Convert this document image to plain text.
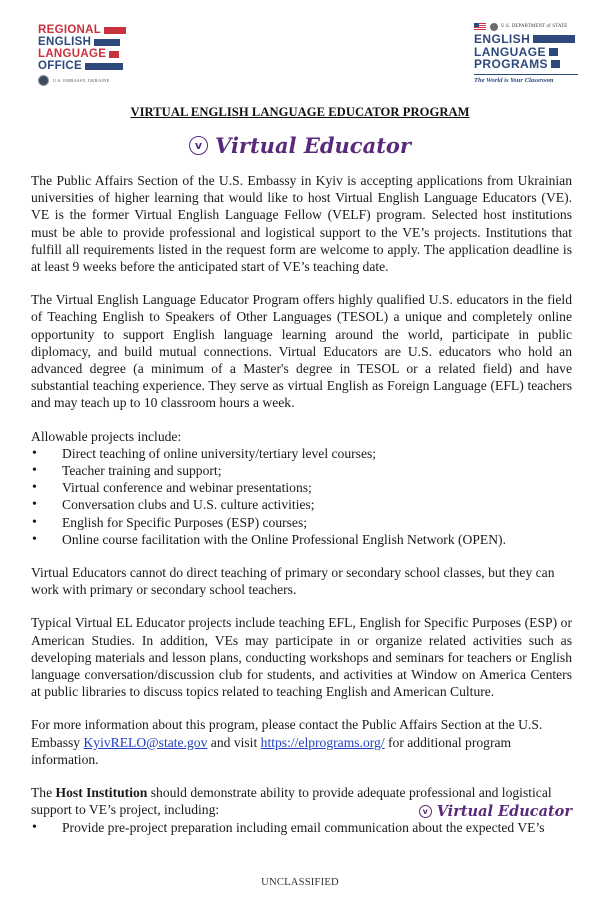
REGIONAL
ENGLISH
LANGUAGE
OFFICE
U.S. EMBASSY, UKRAINE
U.S. DEPARTMENT of STATE
ENGLISH
LANGUAGE
PROGRAMS
The World is Your Classroom
VIRTUAL ENGLISH LANGUAGE EDUCATOR PROGRAM
v Virtual Educator

The Public Affairs Section of the U.S. Embassy in Kyiv is accepting applications from Ukrainian universities of higher learning that would like to host Virtual English Language Educators (VE). VE is the former Virtual English Language Fellow (VELF) program. Selected host institutions must be able to provide professional and logistical support to the VE’s projects. Institutions that fulfill all requirements listed in the request form are welcome to apply. The application deadline is at least 9 weeks before the anticipated start of VE’s teaching date.

The Virtual English Language Educator Program offers highly qualified U.S. educators in the field of Teaching English to Speakers of Other Languages (TESOL) a unique and completely online opportunity to support English language learning around the world, participate in public diplomacy, and build mutual connections. Virtual Educators are U.S. educators who hold an advanced degree (a minimum of a Master's degree in TESOL or a related field) and have substantial teaching experience. They serve as virtual English as Foreign Language (EFL) teachers and may teach up to 10 classroom hours a week.

Allowable projects include:

• Direct teaching of online university/tertiary level courses;
• Teacher training and support;
• Virtual conference and webinar presentations;
• Conversation clubs and U.S. culture activities;
• English for Specific Purposes (ESP) courses;
• Online course facilitation with the Online Professional English Network (OPEN).

Virtual Educators cannot do direct teaching of primary or secondary school classes, but they can work with primary or secondary school teachers.

Typical Virtual EL Educator projects include teaching EFL, English for Specific Purposes (ESP) or American Studies. In addition, VEs may participate in or organize related activities such as developing materials and lesson plans, conducting workshops and seminars for teachers or English language conversation/discussion club for students, and activities at Window on America Centers at public libraries to discuss topics related to teaching English and American Culture.

For more information about this program, please contact the Public Affairs Section at the U.S. Embassy KyivRELO@state.gov and visit https://elprograms.org/ for additional program information.

The Host Institution should demonstrate ability to provide adequate professional and logistical support to VE’s project, including:

• Provide pre-project preparation including email communication about the expected VE’s
v Virtual Educator
UNCLASSIFIED
